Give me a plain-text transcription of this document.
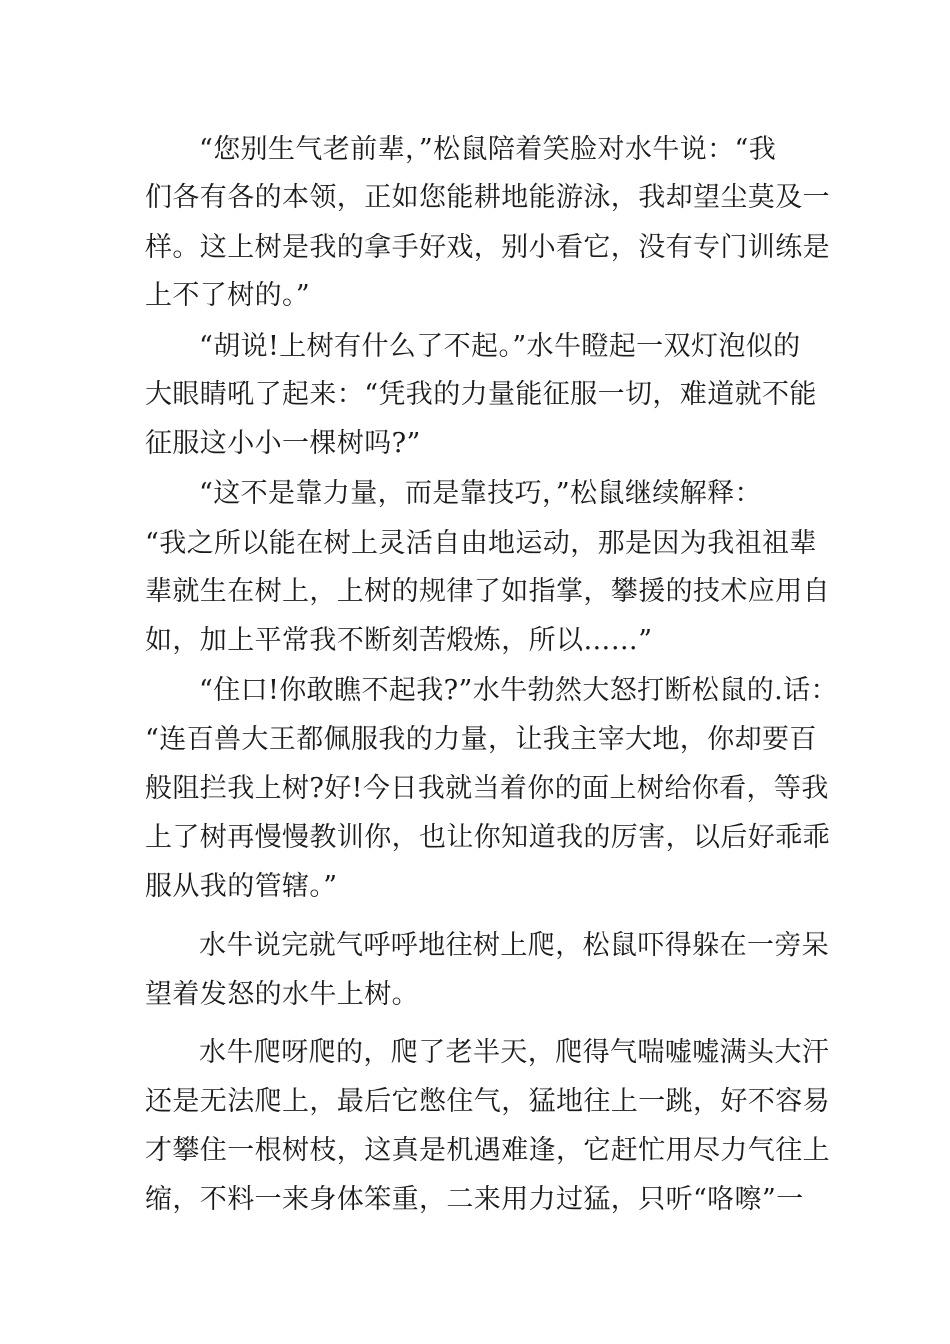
“您别生气老前辈，”松鼠陪着笑脸对水牛说：“我
们各有各的本领，正如您能耕地能游泳，我却望尘莫及一
样。这上树是我的拿手好戏，别小看它，没有专门训练是
上不了树的。”
“胡说!上树有什么了不起。”水牛瞪起一双灯泡似的
大眼睛吼了起来：“凭我的力量能征服一切，难道就不能
征服这小小一棵树吗?”
“这不是靠力量，而是靠技巧，”松鼠继续解释：
“我之所以能在树上灵活自由地运动，那是因为我祖祖辈
辈就生在树上，上树的规律了如指掌，攀援的技术应用自
如，加上平常我不断刻苦煅炼，所以……”
“住口!你敢瞧不起我?”水牛勃然大怒打断松鼠的.话：
“连百兽大王都佩服我的力量，让我主宰大地，你却要百
般阻拦我上树?好!今日我就当着你的面上树给你看，等我
上了树再慢慢教训你，也让你知道我的厉害，以后好乖乖
服从我的管辖。”
水牛说完就气呼呼地往树上爬，松鼠吓得躲在一旁呆
望着发怒的水牛上树。
水牛爬呀爬的，爬了老半天，爬得气喘嘘嘘满头大汗
还是无法爬上，最后它憋住气，猛地往上一跳，好不容易
才攀住一根树枝，这真是机遇难逢，它赶忙用尽力气往上
缩，不料一来身体笨重，二来用力过猛，只听“咯嚓”一
